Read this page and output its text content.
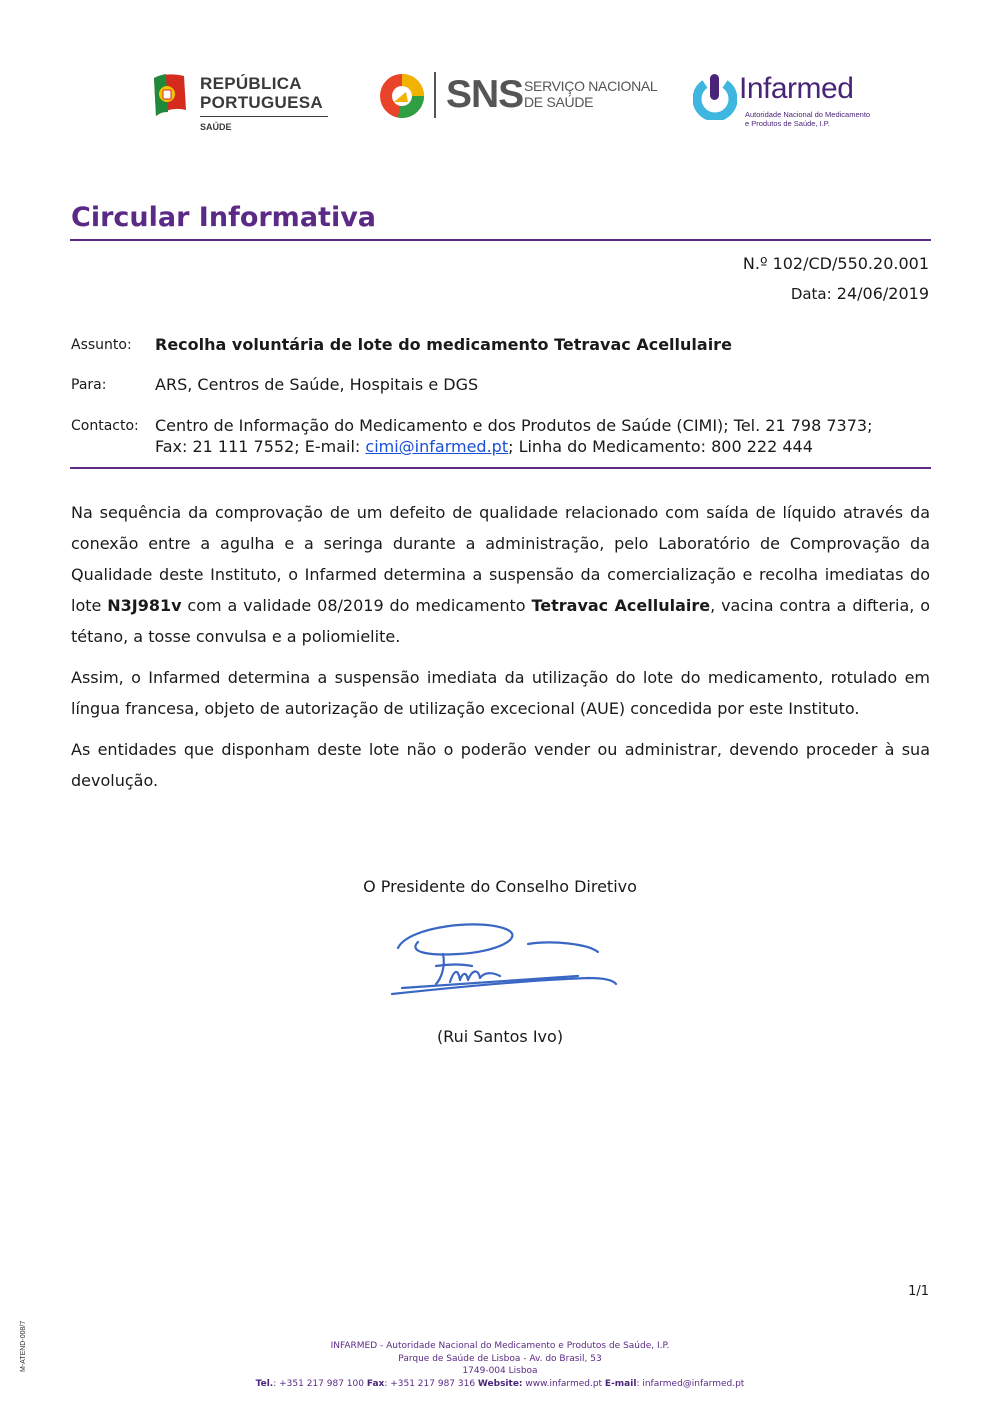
REPÚBLICA
PORTUGUESA
SAÚDE
SNS SERVIÇO NACIONAL
DE SAÚDE	Infarmed
Autoridade Nacional do Medicamento
e Produtos de Saúde, I.P.
Circular Informativa
N.º 102/CD/550.20.001
Data: 24/06/2019
Assunto: Recolha voluntária de lote do medicamento Tetravac Acellulaire
Para:	ARS, Centros de Saúde, Hospitais e DGS
Contacto: Centro de Informação do Medicamento e dos Produtos de Saúde (CIMI); Tel. 21 798 7373;
Fax: 21 111 7552; E-mail: cimi@infarmed.pt; Linha do Medicamento: 800 222 444

Na sequência da comprovação de um defeito de qualidade relacionado com saída de líquido através da conexão entre a agulha e a seringa durante a administração, pelo Laboratório de Comprovação da Qualidade deste Instituto, o Infarmed determina a suspensão da comercialização e recolha imediatas do lote N3J981v com a validade 08/2019 do medicamento Tetravac Acellulaire, vacina contra a difteria, o tétano, a tosse convulsa e a poliomielite.

Assim, o Infarmed determina a suspensão imediata da utilização do lote do medicamento, rotulado em língua francesa, objeto de autorização de utilização excecional (AUE) concedida por este Instituto.

As entidades que disponham deste lote não o poderão vender ou administrar, devendo proceder à sua devolução.

O Presidente do Conselho Diretivo
(Rui Santos Ivo)
1/1
M-ATEND-008/7	INFARMED - Autoridade Nacional do Medicamento e Produtos de Saúde, I.P.
Parque de Saúde de Lisboa - Av. do Brasil, 53
1749-004 Lisboa
Tel.: +351 217 987 100 Fax: +351 217 987 316 Website: www.infarmed.pt E-mail: infarmed@infarmed.pt
